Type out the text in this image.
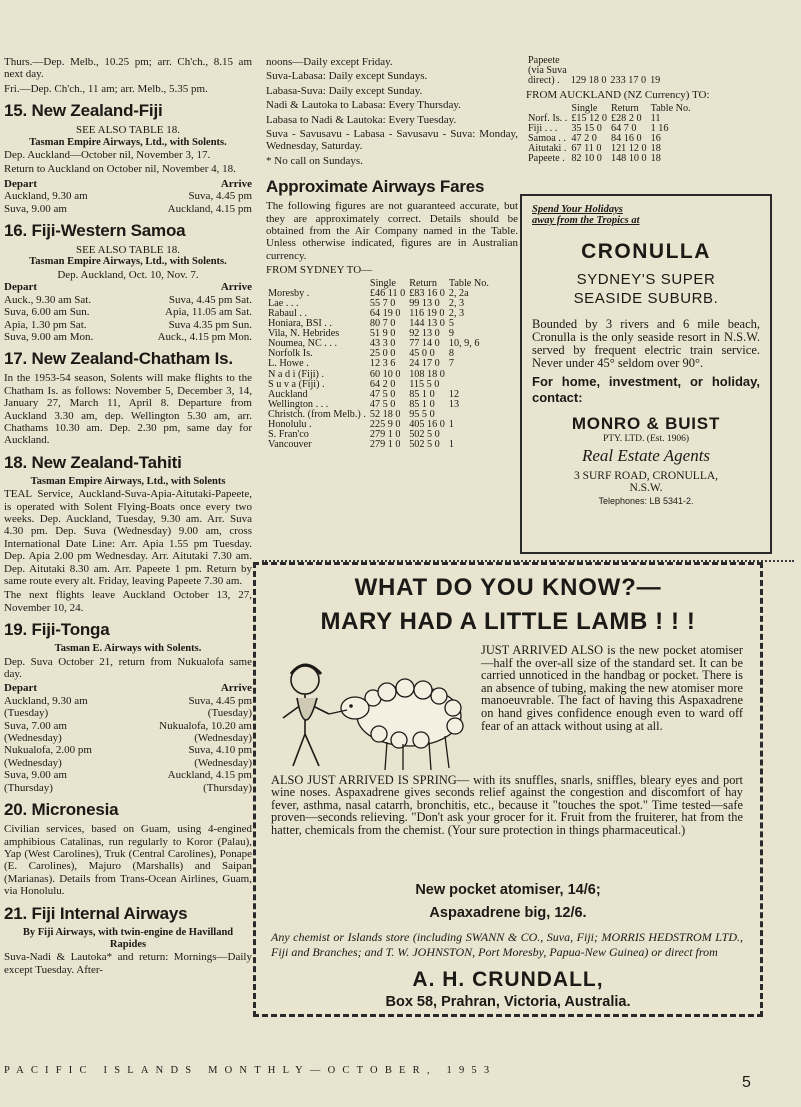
Thurs.—Dep. Melb., 10.25 pm; arr. Ch'ch., 8.15 am next day.

Fri.—Dep. Ch'ch., 11 am; arr. Melb., 5.35 pm.

15. New Zealand-Fiji

SEE ALSO TABLE 18.

Tasman Empire Airways, Ltd., with Solents.

Dep. Auckland—October nil, November 3, 17.

Return to Auckland on October nil, November 4, 18.

Depart	Arrive
Auckland, 9.30 am	Suva, 4.45 pm
Suva, 9.00 am	Auckland, 4.15 pm
16. Fiji-Western Samoa

SEE ALSO TABLE 18.

Tasman Empire Airways, Ltd., with Solents.

Dep. Auckland, Oct. 10, Nov. 7.

Depart	Arrive
Auck., 9.30 am Sat.	Suva, 4.45 pm Sat.
Suva, 6.00 am Sun.	Apia, 11.05 am Sat.
Apia, 1.30 pm Sat.	Suva 4.35 pm Sun.
Suva, 9.00 am Mon.	Auck., 4.15 pm Mon.
17. New Zealand-Chatham Is.

In the 1953-54 season, Solents will make flights to the Chatham Is. as follows: November 5, December 3, 14, January 27, March 11, April 8. Departure from Auckland 3.30 am, dep. Wellington 5.30 am, arr. Chathams 10.30 am. Dep. 2.30 pm, same day for Auckland.

18. New Zealand-Tahiti

Tasman Empire Airways, Ltd., with Solents

TEAL Service, Auckland-Suva-Apia-Aitutaki-Papeete, is operated with Solent Flying-Boats once every two weeks. Dep. Auckland, Tuesday, 9.30 am. Arr. Suva 4.30 pm. Dep. Suva (Wednesday) 9.00 am, cross International Date Line: Arr. Apia 1.55 pm Tuesday. Dep. Apia 2.00 pm Wednesday. Arr. Aitutaki 7.30 am. Dep. Aitutaki 8.30 am. Arr. Papeete 1 pm. Return by same route every alt. Friday, leaving Papeete 7.30 am.

The next flights leave Auckland October 13, 27, November 10, 24.

19. Fiji-Tonga

Tasman E. Airways with Solents.

Dep. Suva October 21, return from Nukualofa same day.

Depart	Arrive
Auckland, 9.30 am	Suva, 4.45 pm
(Tuesday)	(Tuesday)
Suva, 7.00 am	Nukualofa, 10.20 am
(Wednesday)	(Wednesday)
Nukualofa, 2.00 pm	Suva, 4.10 pm
(Wednesday)	(Wednesday)
Suva, 9.00 am	Auckland, 4.15 pm
(Thursday)	(Thursday)
20. Micronesia

Civilian services, based on Guam, using 4-engined amphibious Catalinas, run regularly to Koror (Palau), Yap (West Carolines), Truk (Central Carolines), Ponape (E. Carolines), Majuro (Marshalls) and Saipan (Marianas). Details from Trans-Ocean Airlines, Guam, via Honolulu.

21. Fiji Internal Airways

By Fiji Airways, with twin-engine de Havilland Rapides

Suva-Nadi & Lautoka* and return: Mornings—Daily except Tuesday. After-

noons—Daily except Friday.

Suva-Labasa: Daily except Sundays.

Labasa-Suva: Daily except Sunday.

Nadi & Lautoka to Labasa: Every Thursday.

Labasa to Nadi & Lautoka: Every Tuesday.

Suva - Savusavu - Labasa - Savusavu - Suva: Monday, Wednesday, Saturday.

* No call on Sundays.

Approximate Airways Fares

The following figures are not guaranteed accurate, but they are approximately correct. Details should be obtained from the Air Company named in the Table. Unless otherwise indicated, figures are in Australian currency.

FROM SYDNEY TO—

	Single	Return	Table No.
Moresby .	£46 11 0	£83 16 0	2, 2a
Lae . . .	55 7 0	99 13 0	2, 3
Rabaul . .	64 19 0	116 19 0	2, 3
Honiara, BSI . .	80 7 0	144 13 0	5
Vila, N. Hebrides	51 9 0	92 13 0	9
Noumea, NC . . .	43 3 0	77 14 0	10, 9, 6
Norfolk Is.	25 0 0	45 0 0	8
L. Howe .	12 3 6	24 17 0	7
N a d i (Fiji) .	60 10 0	108 18 0	
S u v a (Fiji) .	64 2 0	115 5 0	
Auckland	47 5 0	85 1 0	12
Wellington . . .	47 5 0	85 1 0	13
Christch. (from Melb.) .	52 18 0	95 5 0	
Honolulu .	225 9 0	405 16 0	1
S. Fran'co	279 1 0	502 5 0	
Vancouver	279 1 0	502 5 0	1
Papeete
(via Suva
direct) .	129 18 0	233 17 0	19

FROM AUCKLAND (NZ Currency) TO:

	Single	Return	Table No.
Norf. Is. .	£15 12 0	£28 2 0	11
Fiji . . .	35 15 0	64 7 0	1 16
Samoa . .	47 2 0	84 16 0	16
Aitutaki .	67 11 0	121 12 0	18
Papeete .	82 10 0	148 10 0	18

Spend Your Holidays

away from the Tropics at

CRONULLA

SYDNEY'S SUPER

SEASIDE SUBURB.

Bounded by 3 rivers and 6 mile beach, Cronulla is the only seaside resort in N.S.W. served by frequent electric train service. Never under 45° seldom over 90°.

For home, investment, or holiday, contact:

MONRO & BUIST

PTY. LTD. (Est. 1906)

Real Estate Agents

3 SURF ROAD, CRONULLA,

N.S.W.

Telephones: LB 5341-2.

WHAT DO YOU KNOW?—
MARY HAD A LITTLE LAMB ! ! !
JUST ARRIVED ALSO is the new pocket atomiser—half the over-all size of the standard set. It can be carried unnoticed in the handbag or pocket. There is an absence of tubing, making the new atomiser more manoeuvrable. The fact of having this Aspaxadrene on hand gives confidence enough even to ward off fear of an attack without using at all.
ALSO JUST ARRIVED IS SPRING— with its snuffles, snarls, sniffles, bleary eyes and port wine noses. Aspaxadrene gives seconds relief against the congestion and discomfort of hay fever, asthma, nasal catarrh, bronchitis, etc., because it "touches the spot." Time tested—safe proven—seconds relieving. "Don't ask your grocer for it. Fruit from the fruiterer, hat from the hatter, chemicals from the chemist. (Your sure protection in things pharmaceutical.)
New pocket atomiser, 14/6;
Aspaxadrene big, 12/6.
Any chemist or Islands store (including SWANN & CO., Suva, Fiji; MORRIS HEDSTROM LTD., Fiji and Branches; and T. W. JOHNSTON, Port Moresby, Papua-New Guinea) or direct from
A. H. CRUNDALL,
Box 58, Prahran, Victoria, Australia.
PACIFIC ISLANDS MONTHLY—OCTOBER, 1953
5
